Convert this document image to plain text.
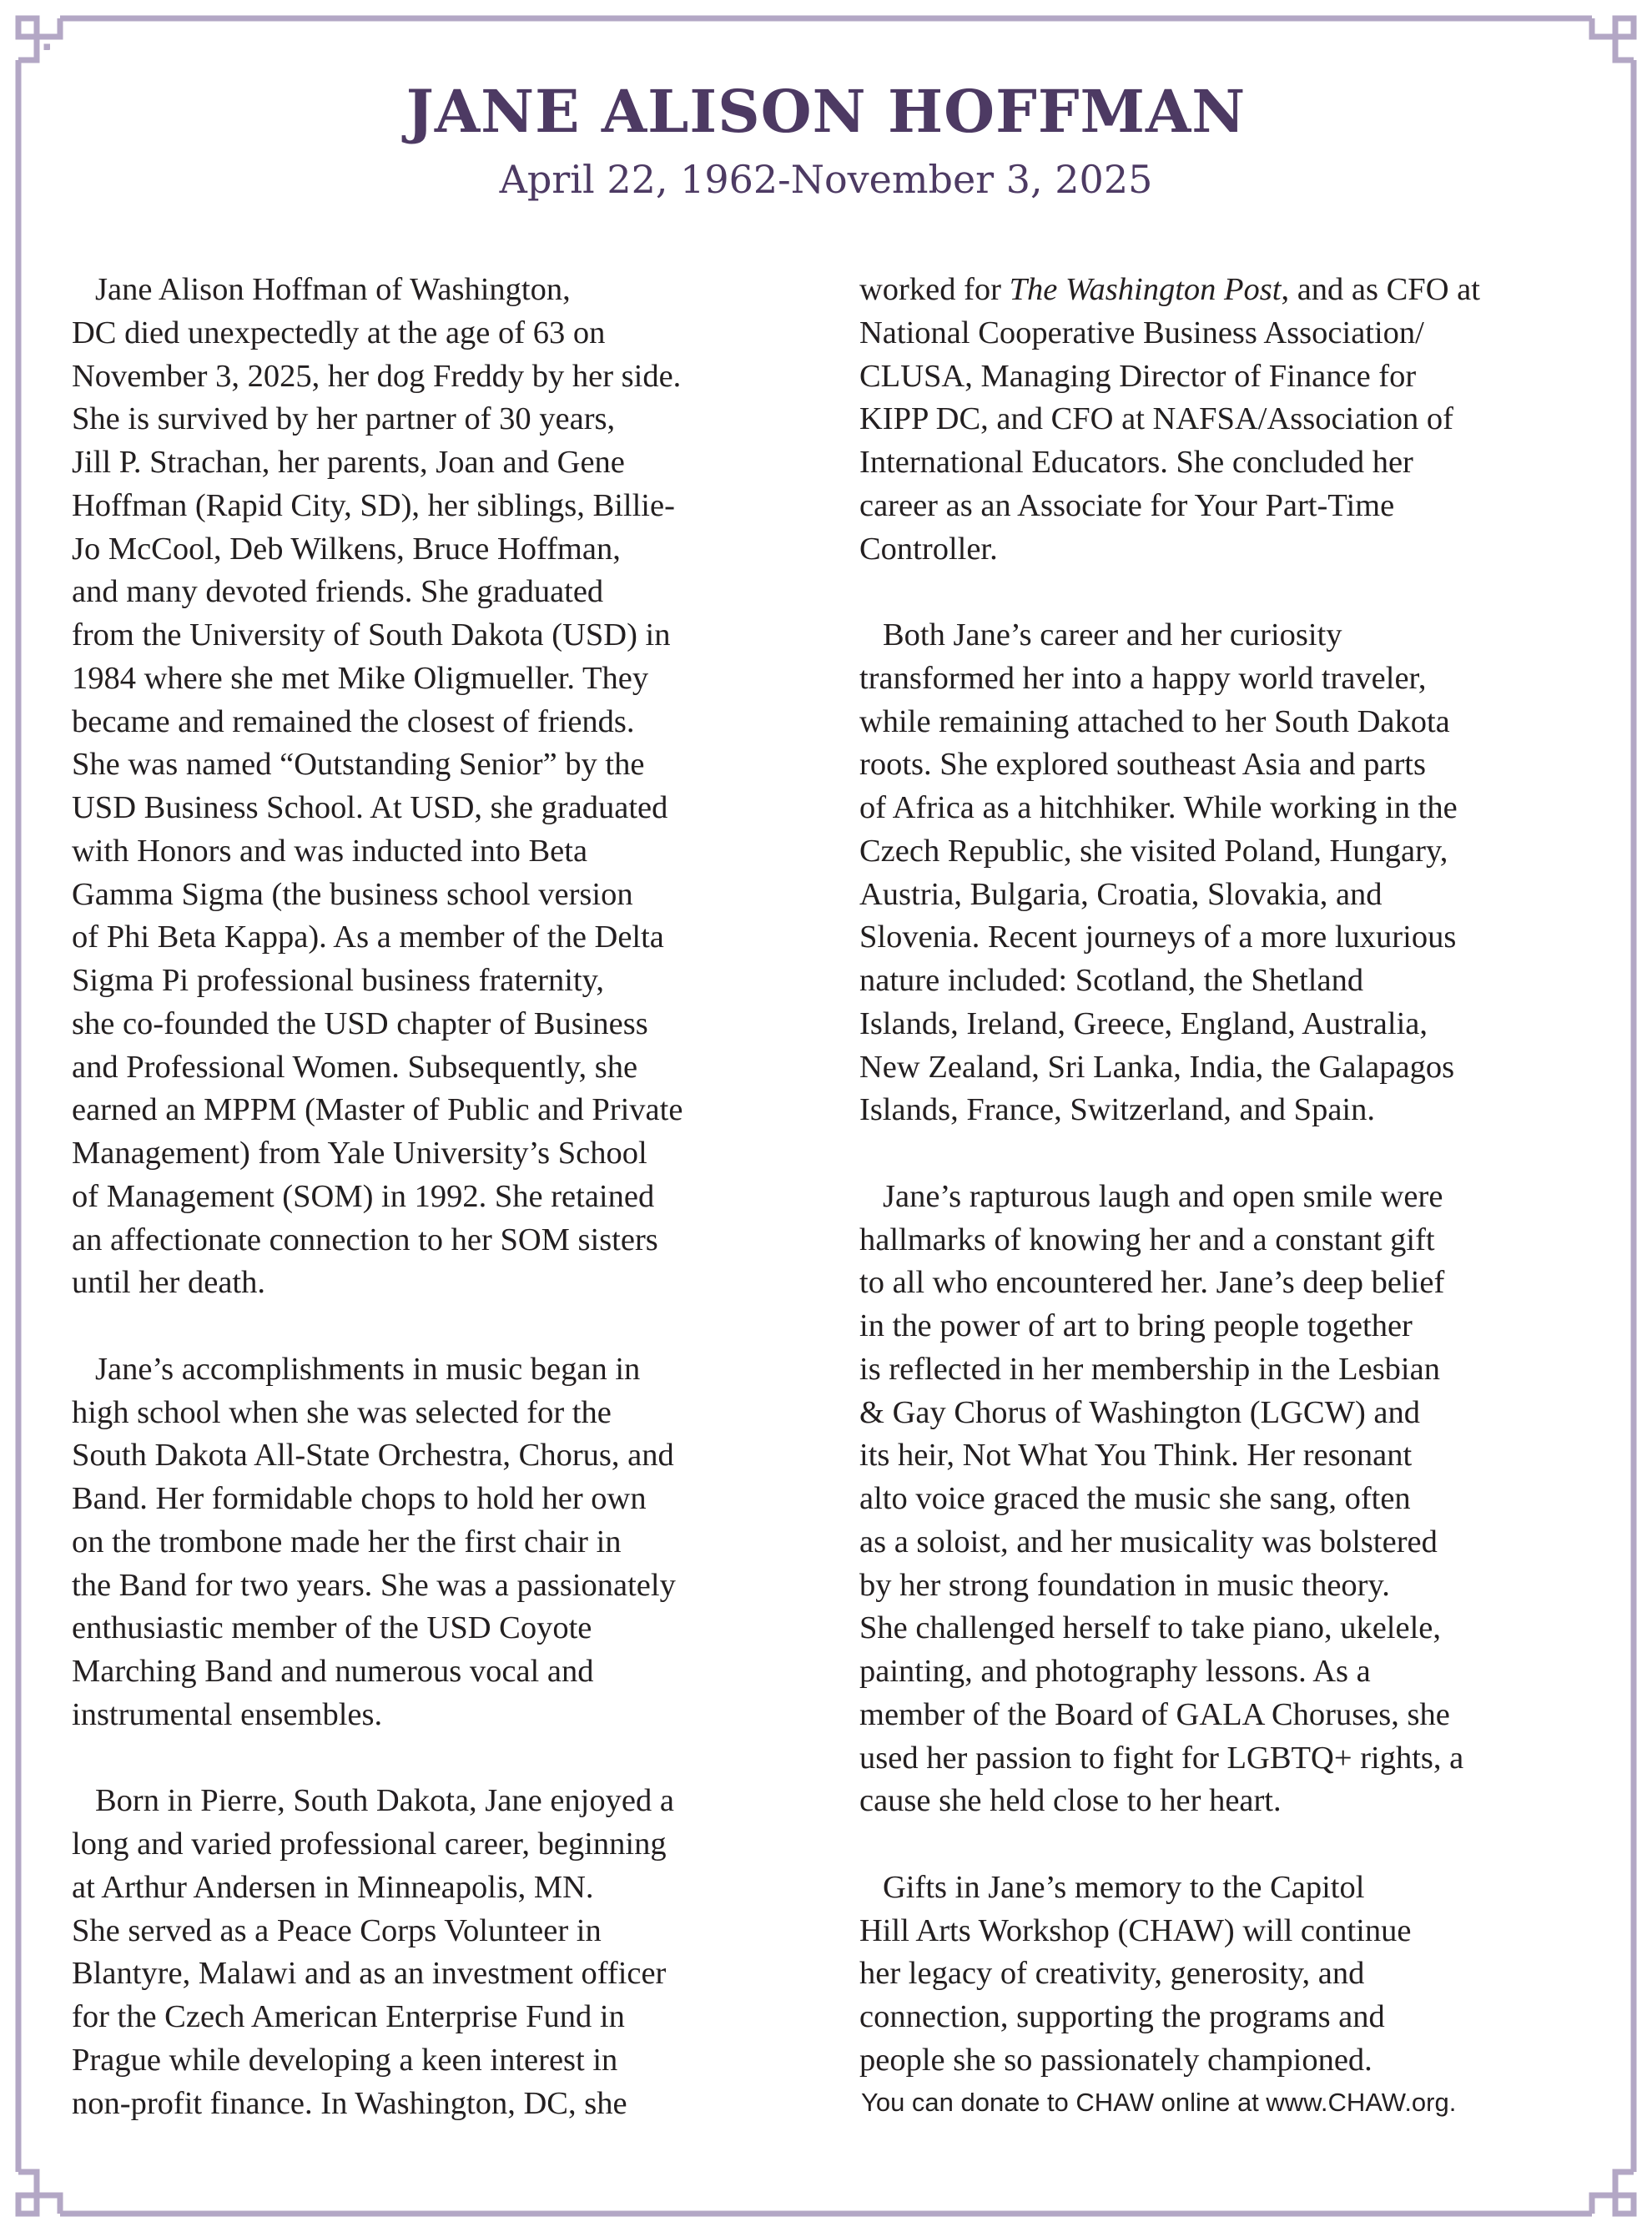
JANE ALISON HOFFMAN
April 22, 1962-November 3, 2025
Jane Alison Hoffman of Washington,
DC died unexpectedly at the age of 63 on
November 3, 2025, her dog Freddy by her side.
She is survived by her partner of 30 years,
Jill P. Strachan, her parents, Joan and Gene
Hoffman (Rapid City, SD), her siblings, Billie-
Jo McCool, Deb Wilkens, Bruce Hoffman,
and many devoted friends. She graduated
from the University of South Dakota (USD) in
1984 where she met Mike Oligmueller. They
became and remained the closest of friends.
She was named “Outstanding Senior” by the
USD Business School. At USD, she graduated
with Honors and was inducted into Beta
Gamma Sigma (the business school version
of Phi Beta Kappa). As a member of the Delta
Sigma Pi professional business fraternity,
she co-founded the USD chapter of Business
and Professional Women. Subsequently, she
earned an MPPM (Master of Public and Private
Management) from Yale University’s School
of Management (SOM) in 1992. She retained
an affectionate connection to her SOM sisters
until her death.
Jane’s accomplishments in music began in
high school when she was selected for the
South Dakota All-State Orchestra, Chorus, and
Band. Her formidable chops to hold her own
on the trombone made her the first chair in
the Band for two years. She was a passionately
enthusiastic member of the USD Coyote
Marching Band and numerous vocal and
instrumental ensembles.
Born in Pierre, South Dakota, Jane enjoyed a
long and varied professional career, beginning
at Arthur Andersen in Minneapolis, MN.
She served as a Peace Corps Volunteer in
Blantyre, Malawi and as an investment officer
for the Czech American Enterprise Fund in
Prague while developing a keen interest in
non-profit finance. In Washington, DC, she
worked for The Washington Post, and as CFO at
National Cooperative Business Association/
CLUSA, Managing Director of Finance for
KIPP DC, and CFO at NAFSA/Association of
International Educators. She concluded her
career as an Associate for Your Part-Time
Controller.
Both Jane’s career and her curiosity
transformed her into a happy world traveler,
while remaining attached to her South Dakota
roots. She explored southeast Asia and parts
of Africa as a hitchhiker. While working in the
Czech Republic, she visited Poland, Hungary,
Austria, Bulgaria, Croatia, Slovakia, and
Slovenia. Recent journeys of a more luxurious
nature included: Scotland, the Shetland
Islands, Ireland, Greece, England, Australia,
New Zealand, Sri Lanka, India, the Galapagos
Islands, France, Switzerland, and Spain.
Jane’s rapturous laugh and open smile were
hallmarks of knowing her and a constant gift
to all who encountered her. Jane’s deep belief
in the power of art to bring people together
is reflected in her membership in the Lesbian
& Gay Chorus of Washington (LGCW) and
its heir, Not What You Think. Her resonant
alto voice graced the music she sang, often
as a soloist, and her musicality was bolstered
by her strong foundation in music theory.
She challenged herself to take piano, ukelele,
painting, and photography lessons. As a
member of the Board of GALA Choruses, she
used her passion to fight for LGBTQ+ rights, a
cause she held close to her heart.
Gifts in Jane’s memory to the Capitol
Hill Arts Workshop (CHAW) will continue
her legacy of creativity, generosity, and
connection, supporting the programs and
people she so passionately championed.
You can donate to CHAW online at www.CHAW.org.
